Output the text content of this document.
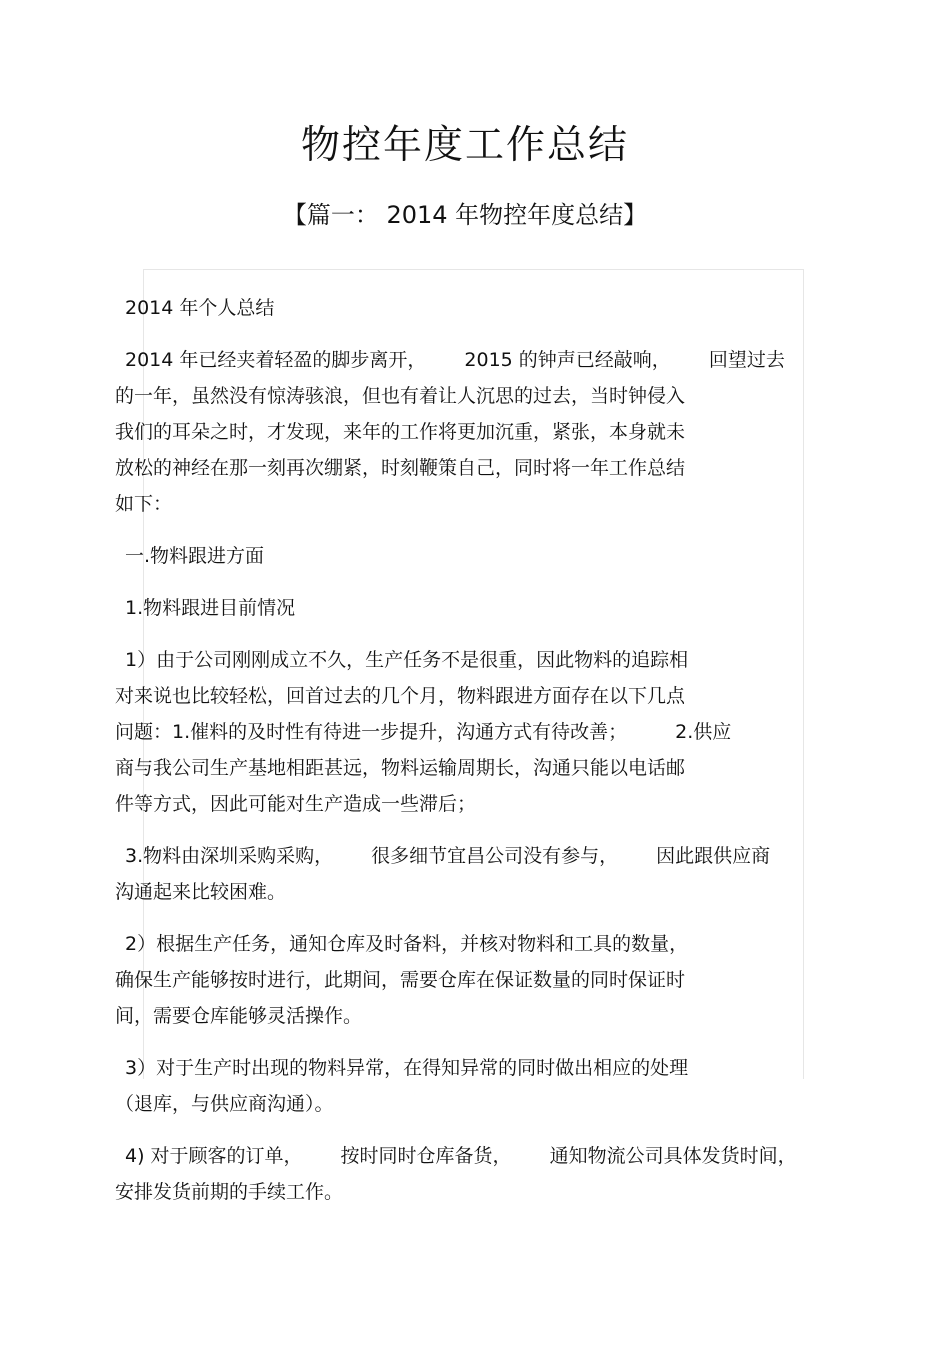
物控年度工作总结
【篇一： 2014 年物控年度总结】

2014 年个人总结

2014 年已经夹着轻盈的脚步离开， 2015 的钟声已经敲响， 回望过去
的一年，虽然没有惊涛骇浪，但也有着让人沉思的过去，当时钟侵入
我们的耳朵之时，才发现，来年的工作将更加沉重，紧张，本身就未
放松的神经在那一刻再次绷紧，时刻鞭策自己，同时将一年工作总结
如下：

一.物料跟进方面

1.物料跟进目前情况

1）由于公司刚刚成立不久，生产任务不是很重，因此物料的追踪相
对来说也比较轻松，回首过去的几个月，物料跟进方面存在以下几点
问题：1.催料的及时性有待进一步提升，沟通方式有待改善；	2.供应
商与我公司生产基地相距甚远，物料运输周期长，沟通只能以电话邮
件等方式，因此可能对生产造成一些滞后；

3.物料由深圳采购采购， 很多细节宜昌公司没有参与， 因此跟供应商
沟通起来比较困难。

2）根据生产任务，通知仓库及时备料，并核对物料和工具的数量，
确保生产能够按时进行，此期间，需要仓库在保证数量的同时保证时
间，需要仓库能够灵活操作。

3）对于生产时出现的物料异常，在得知异常的同时做出相应的处理
（退库，与供应商沟通）。

4) 对于顾客的订单， 按时同时仓库备货， 通知物流公司具体发货时间，
安排发货前期的手续工作。
